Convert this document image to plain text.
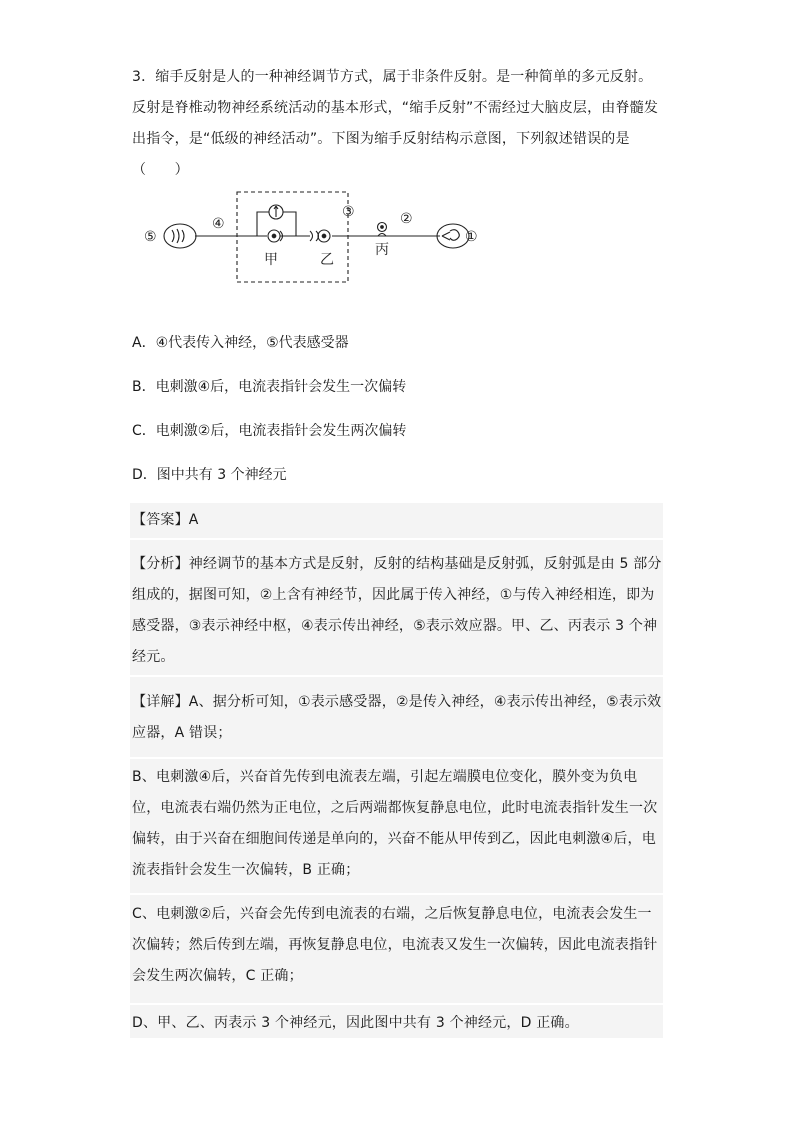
3．缩手反射是人的一种神经调节方式，属于非条件反射。是一种简单的多元反射。反射是脊椎动物神经系统活动的基本形式，“缩手反射”不需经过大脑皮层，由脊髓发出指令，是“低级的神经活动”。下图为缩手反射结构示意图，下列叙述错误的是（　　）
⑤
④
③	②
①
甲	乙
丙
A．④代表传入神经，⑤代表感受器
B．电刺激④后，电流表指针会发生一次偏转
C．电刺激②后，电流表指针会发生两次偏转
D．图中共有 3 个神经元
【答案】A
【分析】神经调节的基本方式是反射，反射的结构基础是反射弧，反射弧是由 5 部分组成的，据图可知，②上含有神经节，因此属于传入神经，①与传入神经相连，即为感受器，③表示神经中枢，④表示传出神经，⑤表示效应器。甲、乙、丙表示 3 个神经元。
【详解】A、据分析可知，①表示感受器，②是传入神经，④表示传出神经，⑤表示效应器，A 错误；
B、电刺激④后，兴奋首先传到电流表左端，引起左端膜电位变化，膜外变为负电位，电流表右端仍然为正电位，之后两端都恢复静息电位，此时电流表指针发生一次偏转，由于兴奋在细胞间传递是单向的，兴奋不能从甲传到乙，因此电刺激④后，电流表指针会发生一次偏转，B 正确；
C、电刺激②后，兴奋会先传到电流表的右端，之后恢复静息电位，电流表会发生一次偏转；然后传到左端，再恢复静息电位，电流表又发生一次偏转，因此电流表指针会发生两次偏转，C 正确；
D、甲、乙、丙表示 3 个神经元，因此图中共有 3 个神经元，D 正确。
